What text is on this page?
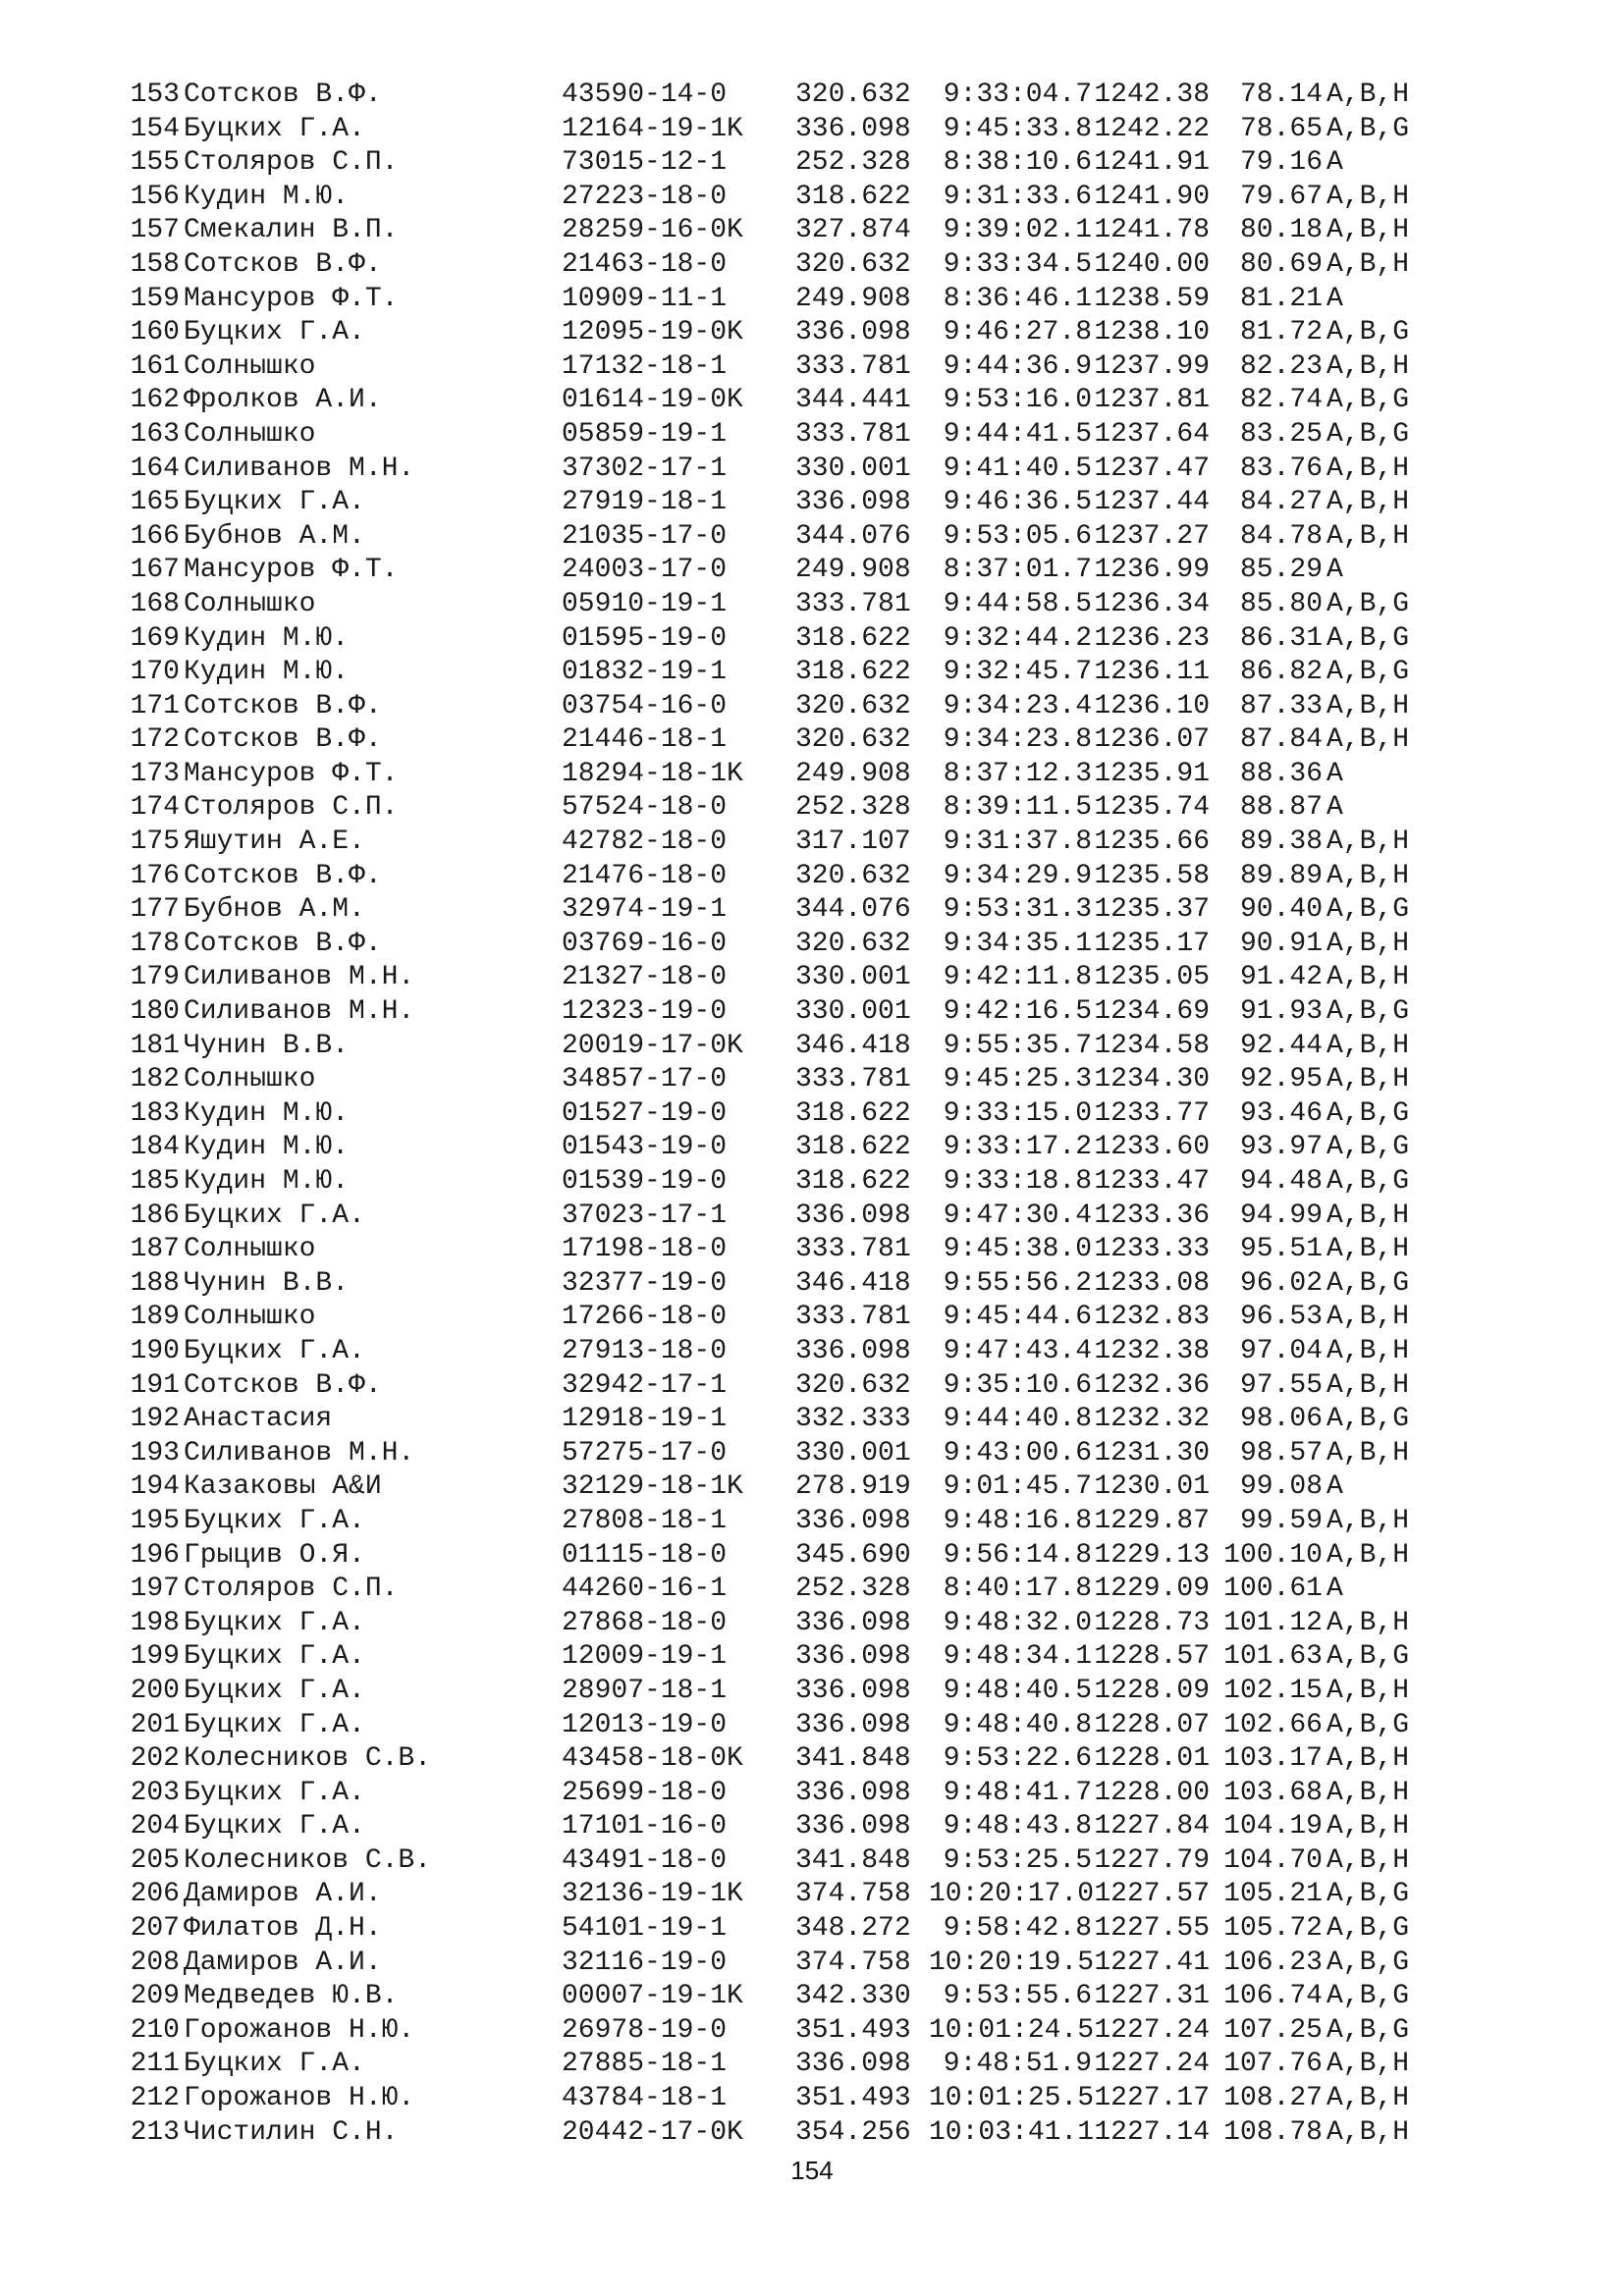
153 Сотсков В.Ф.	43590-14-0 320.632 9:33:04.71242.38 78.14 A,B,H
154 Буцких Г.А.	12164-19-1K 336.098 9:45:33.81242.22 78.65 A,B,G
155 Столяров С.П.	73015-12-1 252.328 8:38:10.61241.91 79.16 A
156 Кудин М.Ю.	27223-18-0 318.622 9:31:33.61241.90 79.67 A,B,H
157 Смекалин В.П.	28259-16-0K 327.874 9:39:02.11241.78 80.18 A,B,H
158 Сотсков В.Ф.	21463-18-0 320.632 9:33:34.51240.00 80.69 A,B,H
159 Мансуров Ф.Т.	10909-11-1 249.908 8:36:46.11238.59 81.21 A
160 Буцких Г.А.	12095-19-0K 336.098 9:46:27.81238.10 81.72 A,B,G
161 Солнышко	17132-18-1 333.781 9:44:36.91237.99 82.23 A,B,H
162 Фролков А.И.	01614-19-0K 344.441 9:53:16.01237.81 82.74 A,B,G
163 Солнышко	05859-19-1 333.781 9:44:41.51237.64 83.25 A,B,G
164 Силиванов М.Н.	37302-17-1 330.001 9:41:40.51237.47 83.76 A,B,H
165 Буцких Г.А.	27919-18-1 336.098 9:46:36.51237.44 84.27 A,B,H
166 Бубнов А.М.	21035-17-0 344.076 9:53:05.61237.27 84.78 A,B,H
167 Мансуров Ф.Т.	24003-17-0 249.908 8:37:01.71236.99 85.29 A
168 Солнышко	05910-19-1 333.781 9:44:58.51236.34 85.80 A,B,G
169 Кудин М.Ю.	01595-19-0 318.622 9:32:44.21236.23 86.31 A,B,G
170 Кудин М.Ю.	01832-19-1 318.622 9:32:45.71236.11 86.82 A,B,G
171 Сотсков В.Ф.	03754-16-0 320.632 9:34:23.41236.10 87.33 A,B,H
172 Сотсков В.Ф.	21446-18-1 320.632 9:34:23.81236.07 87.84 A,B,H
173 Мансуров Ф.Т.	18294-18-1K 249.908 8:37:12.31235.91 88.36 A
174 Столяров С.П.	57524-18-0 252.328 8:39:11.51235.74 88.87 A
175 Яшутин А.Е.	42782-18-0 317.107 9:31:37.81235.66 89.38 A,B,H
176 Сотсков В.Ф.	21476-18-0 320.632 9:34:29.91235.58 89.89 A,B,H
177 Бубнов А.М.	32974-19-1 344.076 9:53:31.31235.37 90.40 A,B,G
178 Сотсков В.Ф.	03769-16-0 320.632 9:34:35.11235.17 90.91 A,B,H
179 Силиванов М.Н.	21327-18-0 330.001 9:42:11.81235.05 91.42 A,B,H
180 Силиванов М.Н.	12323-19-0 330.001 9:42:16.51234.69 91.93 A,B,G
181 Чунин В.В.	20019-17-0K 346.418 9:55:35.71234.58 92.44 A,B,H
182 Солнышко	34857-17-0 333.781 9:45:25.31234.30 92.95 A,B,H
183 Кудин М.Ю.	01527-19-0 318.622 9:33:15.01233.77 93.46 A,B,G
184 Кудин М.Ю.	01543-19-0 318.622 9:33:17.21233.60 93.97 A,B,G
185 Кудин М.Ю.	01539-19-0 318.622 9:33:18.81233.47 94.48 A,B,G
186 Буцких Г.А.	37023-17-1 336.098 9:47:30.41233.36 94.99 A,B,H
187 Солнышко	17198-18-0 333.781 9:45:38.01233.33 95.51 A,B,H
188 Чунин В.В.	32377-19-0 346.418 9:55:56.21233.08 96.02 A,B,G
189 Солнышко	17266-18-0 333.781 9:45:44.61232.83 96.53 A,B,H
190 Буцких Г.А.	27913-18-0 336.098 9:47:43.41232.38 97.04 A,B,H
191 Сотсков В.Ф.	32942-17-1 320.632 9:35:10.61232.36 97.55 A,B,H
192 Анастасия	12918-19-1 332.333 9:44:40.81232.32 98.06 A,B,G
193 Силиванов М.Н.	57275-17-0 330.001 9:43:00.61231.30 98.57 A,B,H
194 Казаковы А&И	32129-18-1K 278.919 9:01:45.71230.01 99.08 A
195 Буцких Г.А.	27808-18-1 336.098 9:48:16.81229.87 99.59 A,B,H
196 Грыцив О.Я.	01115-18-0 345.690 9:56:14.81229.13 100.10 A,B,H
197 Столяров С.П.	44260-16-1 252.328 8:40:17.81229.09 100.61 A
198 Буцких Г.А.	27868-18-0 336.098 9:48:32.01228.73 101.12 A,B,H
199 Буцких Г.А.	12009-19-1 336.098 9:48:34.11228.57 101.63 A,B,G
200 Буцких Г.А.	28907-18-1 336.098 9:48:40.51228.09 102.15 A,B,H
201 Буцких Г.А.	12013-19-0 336.098 9:48:40.81228.07 102.66 A,B,G
202 Колесников С.В.	43458-18-0K 341.848 9:53:22.61228.01 103.17 A,B,H
203 Буцких Г.А.	25699-18-0 336.098 9:48:41.71228.00 103.68 A,B,H
204 Буцких Г.А.	17101-16-0 336.098 9:48:43.81227.84 104.19 A,B,H
205 Колесников С.В.	43491-18-0 341.848 9:53:25.51227.79 104.70 A,B,H
206 Дамиров А.И.	32136-19-1K 374.758 10:20:17.01227.57 105.21 A,B,G
207 Филатов Д.Н.	54101-19-1 348.272 9:58:42.81227.55 105.72 A,B,G
208 Дамиров А.И.	32116-19-0 374.758 10:20:19.51227.41 106.23 A,B,G
209 Медведев Ю.В.	00007-19-1K 342.330 9:53:55.61227.31 106.74 A,B,G
210 Горожанов Н.Ю.	26978-19-0 351.493 10:01:24.51227.24 107.25 A,B,G
211 Буцких Г.А.	27885-18-1 336.098 9:48:51.91227.24 107.76 A,B,H
212 Горожанов Н.Ю.	43784-18-1 351.493 10:01:25.51227.17 108.27 A,B,H
213 Чистилин С.Н.	20442-17-0K 354.256 10:03:41.11227.14 108.78 A,B,H
154
